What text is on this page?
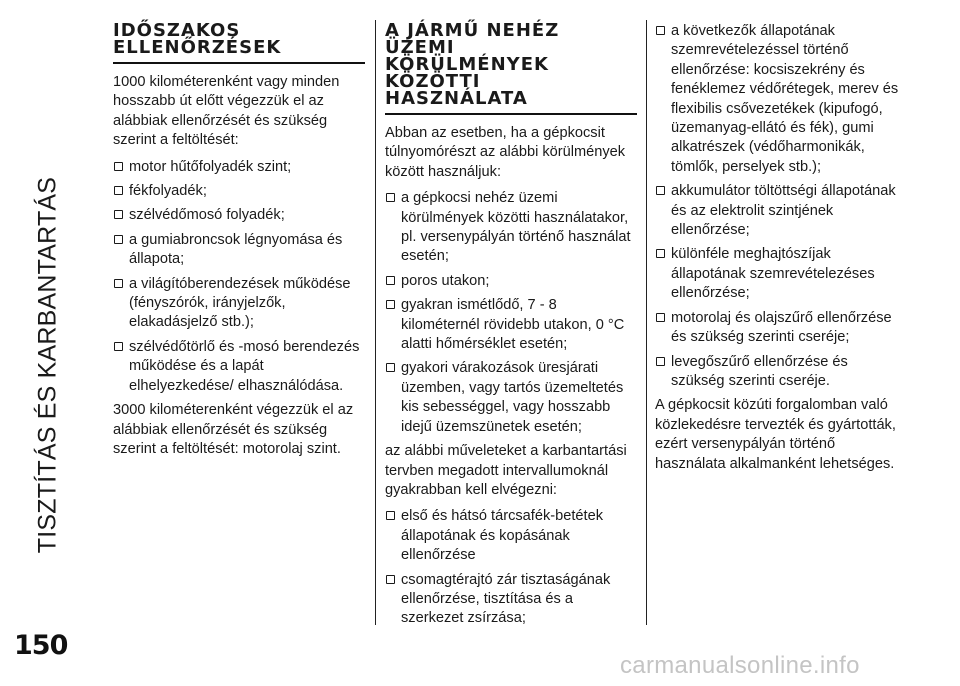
TISZTÍTÁS ÉS KARBANTARTÁS
150
IDŐSZAKOS
ELLENŐRZÉSEK

1000 kilométerenként vagy minden hosszabb út előtt végezzük el az alábbiak ellenőrzését és szükség szerint a feltöltését:

motor hűtőfolyadék szint;
fékfolyadék;
szélvédőmosó folyadék;
a gumiabroncsok légnyomása és állapota;
a világítóberendezések működése (fényszórók, irányjelzők, elakadásjelző stb.);
szélvédőtörlő és -mosó berendezés működése és a lapát elhelyezkedése/ elhasználódása.

3000 kilométerenként végezzük el az alábbiak ellenőrzését és szükség szerint a feltöltését: motorolaj szint.

A JÁRMŰ NEHÉZ
ÜZEMI
KÖRÜLMÉNYEK
KÖZÖTTI
HASZNÁLATA

Abban az esetben, ha a gépkocsit túlnyomórészt az alábbi körülmények között használjuk:

a gépkocsi nehéz üzemi körülmények közötti használatakor, pl. versenypályán történő használat esetén;
poros utakon;
gyakran ismétlődő, 7 - 8 kilométernél rövidebb utakon, 0 °C alatti hőmérséklet esetén;
gyakori várakozások üresjárati üzemben, vagy tartós üzemeltetés kis sebességgel, vagy hosszabb idejű üzemszünetek esetén;

az alábbi műveleteket a karbantartási tervben megadott intervallumoknál gyakrabban kell elvégezni:

első és hátsó tárcsafék-betétek állapotának és kopásának ellenőrzése
csomagtérajtó zár tisztaságának ellenőrzése, tisztítása és a szerkezet zsírzása;
a következők állapotának szemrevételezéssel történő ellenőrzése: kocsiszekrény és fenéklemez védőrétegek, merev és flexibilis csővezetékek (kipufogó, üzemanyag-ellátó és fék), gumi alkatrészek (védőharmonikák, tömlők, perselyek stb.);
akkumulátor töltöttségi állapotának és az elektrolit szintjének ellenőrzése;
különféle meghajtószíjak állapotának szemrevételezéses ellenőrzése;
motorolaj és olajszűrő ellenőrzése és szükség szerinti cseréje;
levegőszűrő ellenőrzése és szükség szerinti cseréje.

A gépkocsit közúti forgalomban való közlekedésre tervezték és gyártották, ezért versenypályán történő használata alkalmanként lehetséges.

carmanualsonline.info
